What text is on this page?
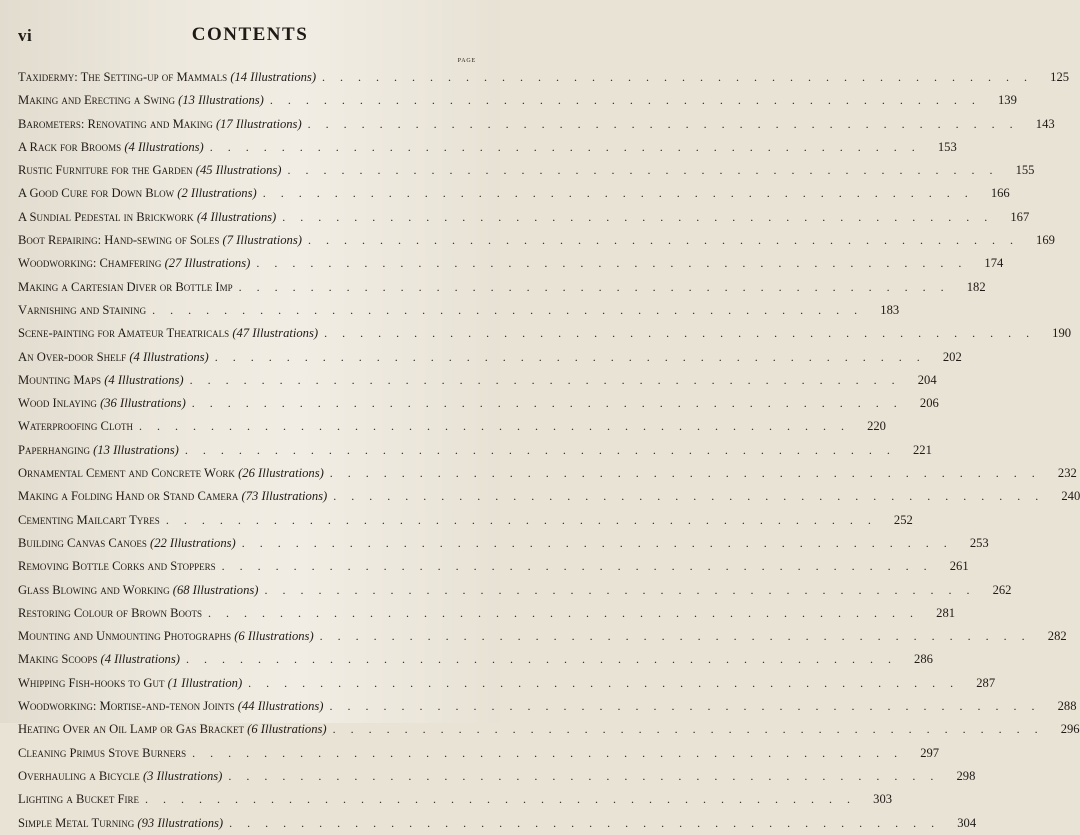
vi	CONTENTS
PAGE
Taxidermy: The Setting-up of Mammals (14 Illustrations) . . . . . . . . . . . . . . . . . . . . . . . . . . . . . . . . . . . . . . . .	125
Making and Erecting a Swing (13 Illustrations) . . . . . . . . . . . . . . . . . . . . . . . . . . . . . . . . . . . . . . . .	139
Barometers: Renovating and Making (17 Illustrations) . . . . . . . . . . . . . . . . . . . . . . . . . . . . . . . . . . . . . . . .	143
A Rack for Brooms (4 Illustrations) . . . . . . . . . . . . . . . . . . . . . . . . . . . . . . . . . . . . . . . .	153
Rustic Furniture for the Garden (45 Illustrations) . . . . . . . . . . . . . . . . . . . . . . . . . . . . . . . . . . . . . . . .	155
A Good Cure for Down Blow (2 Illustrations) . . . . . . . . . . . . . . . . . . . . . . . . . . . . . . . . . . . . . . . .	166
A Sundial Pedestal in Brickwork (4 Illustrations) . . . . . . . . . . . . . . . . . . . . . . . . . . . . . . . . . . . . . . . .	167
Boot Repairing: Hand-sewing of Soles (7 Illustrations) . . . . . . . . . . . . . . . . . . . . . . . . . . . . . . . . . . . . . . . .	169
Woodworking: Chamfering (27 Illustrations) . . . . . . . . . . . . . . . . . . . . . . . . . . . . . . . . . . . . . . . .	174
Making a Cartesian Diver or Bottle Imp . . . . . . . . . . . . . . . . . . . . . . . . . . . . . . . . . . . . . . . .	182
Varnishing and Staining . . . . . . . . . . . . . . . . . . . . . . . . . . . . . . . . . . . . . . . .	183
Scene-painting for Amateur Theatricals (47 Illustrations) . . . . . . . . . . . . . . . . . . . . . . . . . . . . . . . . . . . . . . . .	190
An Over-door Shelf (4 Illustrations) . . . . . . . . . . . . . . . . . . . . . . . . . . . . . . . . . . . . . . . .	202
Mounting Maps (4 Illustrations) . . . . . . . . . . . . . . . . . . . . . . . . . . . . . . . . . . . . . . . .	204
Wood Inlaying (36 Illustrations) . . . . . . . . . . . . . . . . . . . . . . . . . . . . . . . . . . . . . . . .	206
Waterproofing Cloth . . . . . . . . . . . . . . . . . . . . . . . . . . . . . . . . . . . . . . . .	220
Paperhanging (13 Illustrations) . . . . . . . . . . . . . . . . . . . . . . . . . . . . . . . . . . . . . . . .	221
Ornamental Cement and Concrete Work (26 Illustrations) . . . . . . . . . . . . . . . . . . . . . . . . . . . . . . . . . . . . . . . .	232
Making a Folding Hand or Stand Camera (73 Illustrations) . . . . . . . . . . . . . . . . . . . . . . . . . . . . . . . . . . . . . . . .	240
Cementing Mailcart Tyres . . . . . . . . . . . . . . . . . . . . . . . . . . . . . . . . . . . . . . . .	252
Building Canvas Canoes (22 Illustrations) . . . . . . . . . . . . . . . . . . . . . . . . . . . . . . . . . . . . . . . .	253
Removing Bottle Corks and Stoppers . . . . . . . . . . . . . . . . . . . . . . . . . . . . . . . . . . . . . . . .	261
Glass Blowing and Working (68 Illustrations) . . . . . . . . . . . . . . . . . . . . . . . . . . . . . . . . . . . . . . . .	262
Restoring Colour of Brown Boots . . . . . . . . . . . . . . . . . . . . . . . . . . . . . . . . . . . . . . . .	281
Mounting and Unmounting Photographs (6 Illustrations) . . . . . . . . . . . . . . . . . . . . . . . . . . . . . . . . . . . . . . . .	282
Making Scoops (4 Illustrations) . . . . . . . . . . . . . . . . . . . . . . . . . . . . . . . . . . . . . . . .	286
Whipping Fish-hooks to Gut (1 Illustration) . . . . . . . . . . . . . . . . . . . . . . . . . . . . . . . . . . . . . . . .	287
Woodworking: Mortise-and-tenon Joints (44 Illustrations) . . . . . . . . . . . . . . . . . . . . . . . . . . . . . . . . . . . . . . . .	288
Heating Over an Oil Lamp or Gas Bracket (6 Illustrations) . . . . . . . . . . . . . . . . . . . . . . . . . . . . . . . . . . . . . . . .	296
Cleaning Primus Stove Burners . . . . . . . . . . . . . . . . . . . . . . . . . . . . . . . . . . . . . . . .	297
Overhauling a Bicycle (3 Illustrations) . . . . . . . . . . . . . . . . . . . . . . . . . . . . . . . . . . . . . . . .	298
Lighting a Bucket Fire . . . . . . . . . . . . . . . . . . . . . . . . . . . . . . . . . . . . . . . .	303
Simple Metal Turning (93 Illustrations) . . . . . . . . . . . . . . . . . . . . . . . . . . . . . . . . . . . . . . . .	304
